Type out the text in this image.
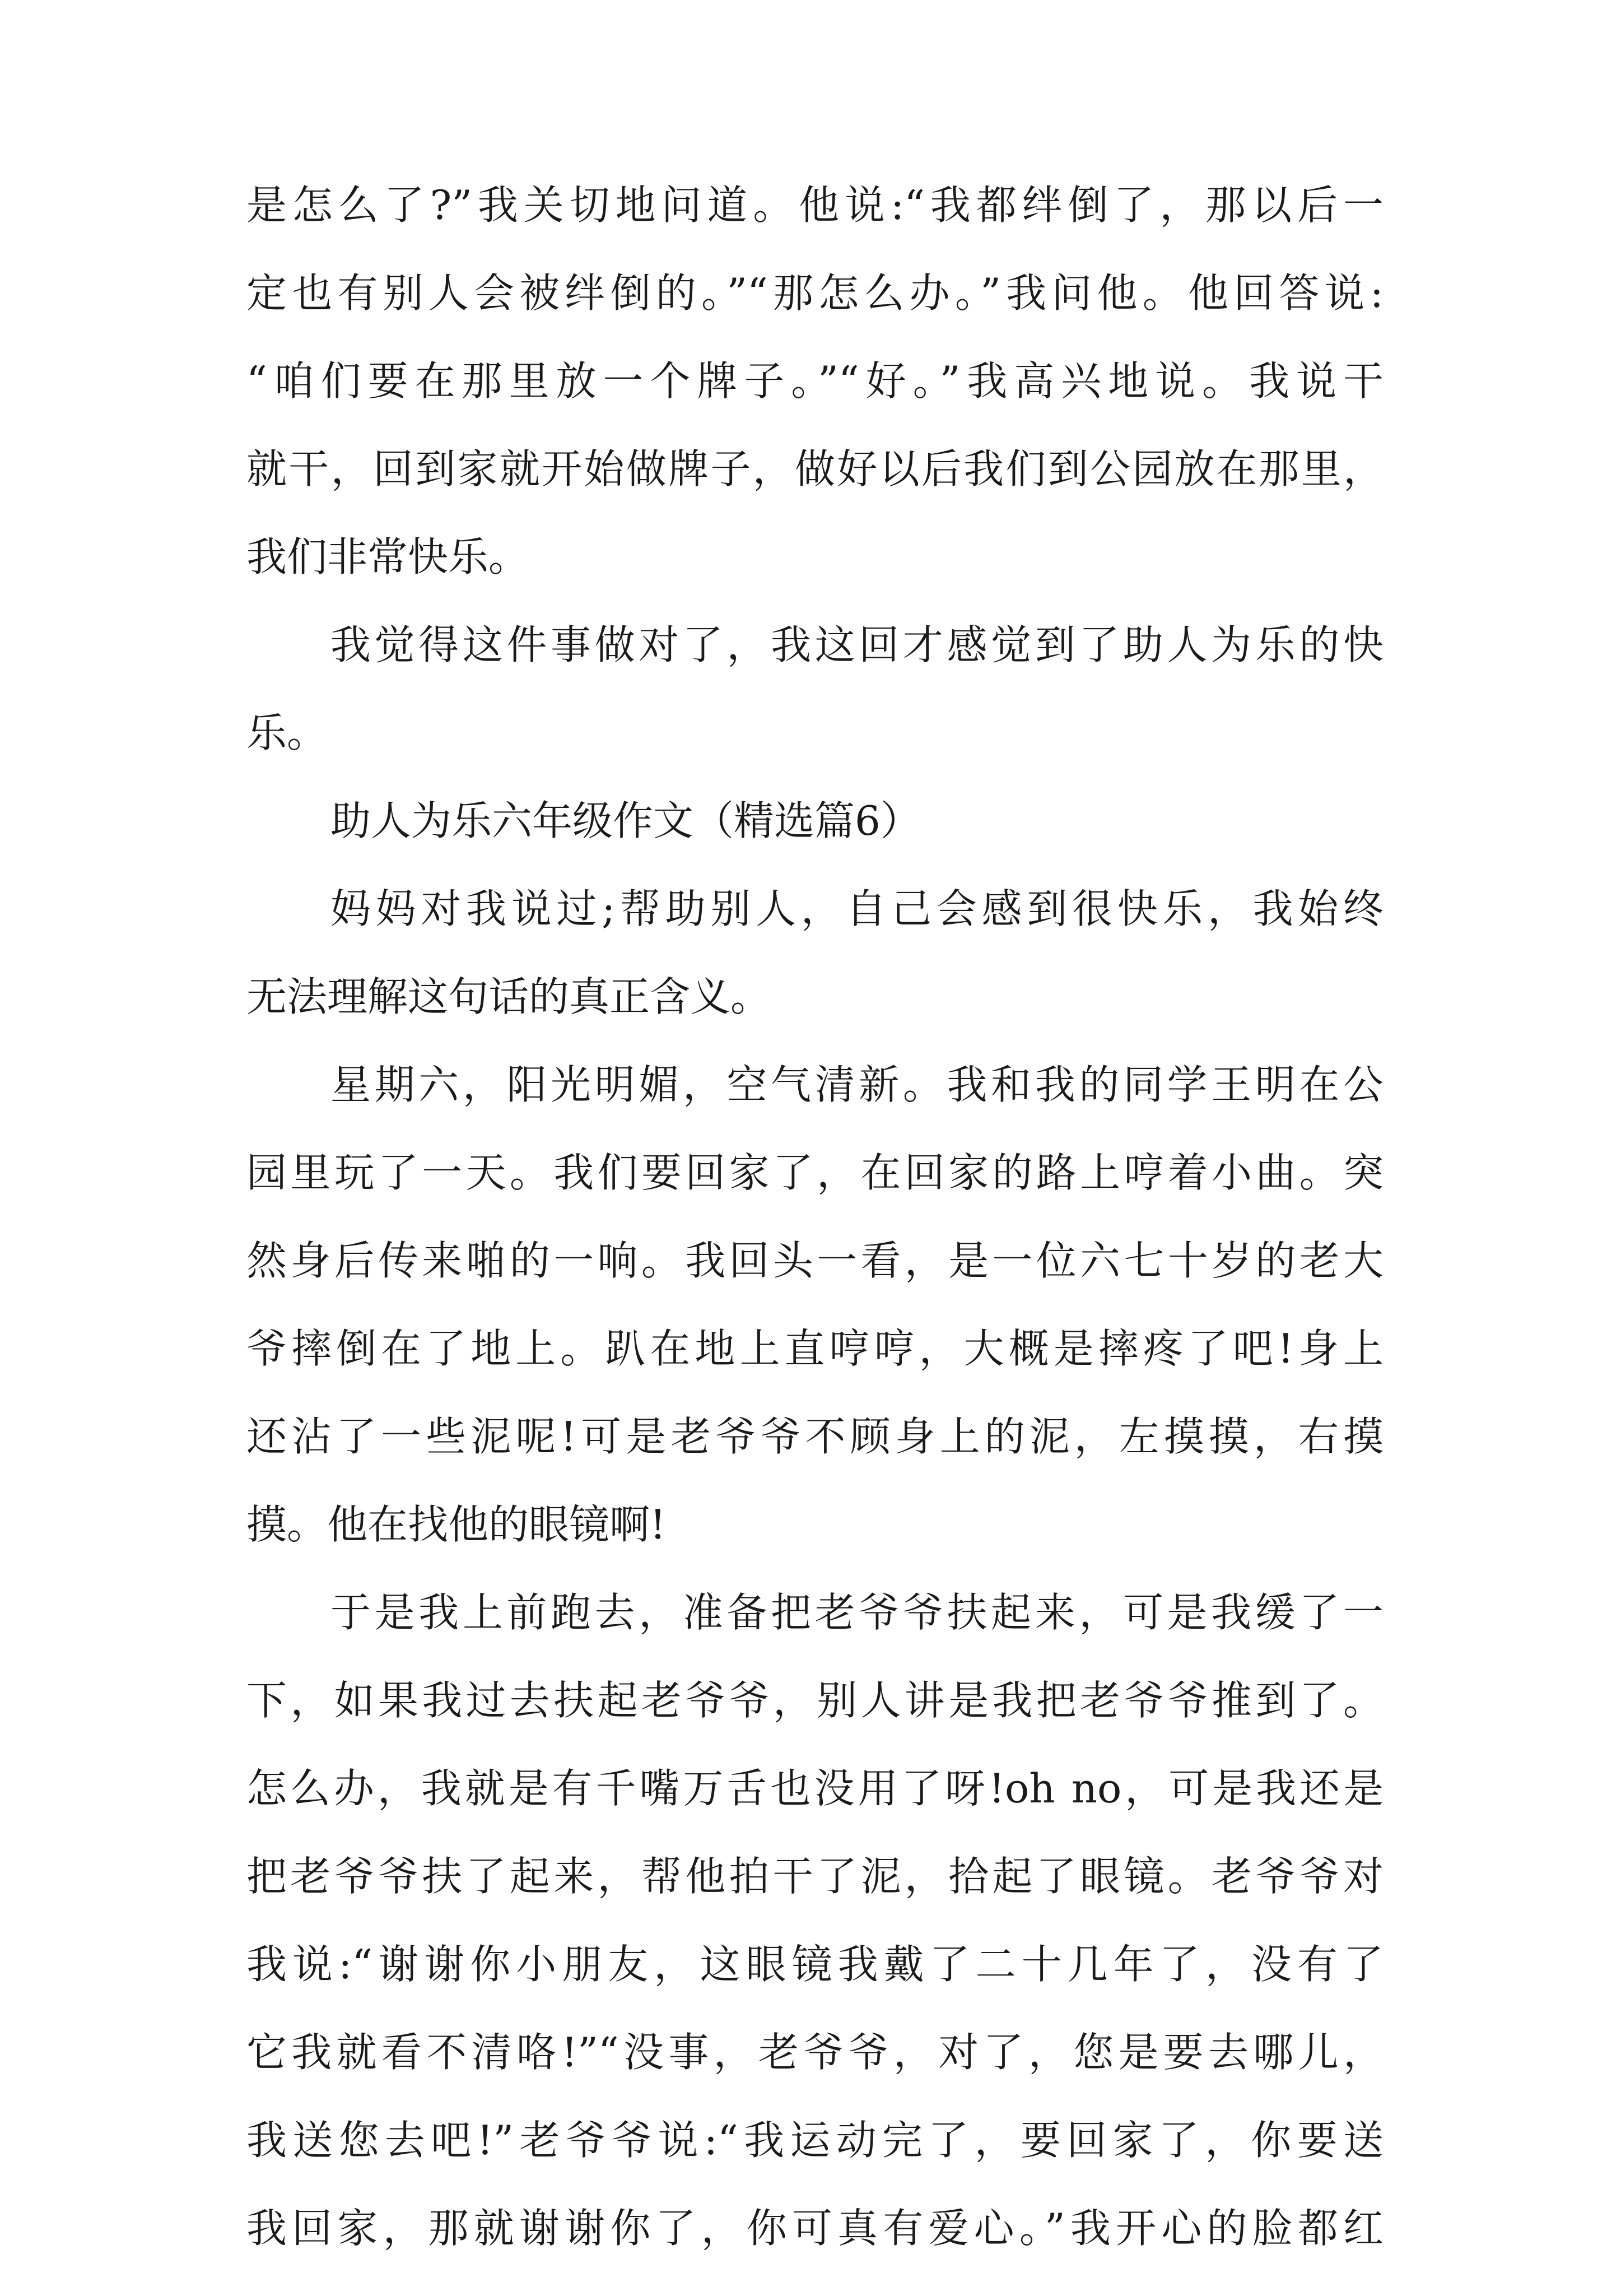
是怎么了?”我关切地问道。他说:“我都绊倒了，那以后一
定也有别人会被绊倒的。”“那怎么办。”我问他。他回答说:
“咱们要在那里放一个牌子。”“好。”我高兴地说。我说干
就干，回到家就开始做牌子，做好以后我们到公园放在那里，
我们非常快乐。
我觉得这件事做对了，我这回才感觉到了助人为乐的快
乐。
助人为乐六年级作文（精选篇6）
妈妈对我说过;帮助别人，自己会感到很快乐，我始终
无法理解这句话的真正含义。
星期六，阳光明媚，空气清新。我和我的同学王明在公
园里玩了一天。我们要回家了，在回家的路上哼着小曲。突
然身后传来啪的一响。我回头一看，是一位六七十岁的老大
爷摔倒在了地上。趴在地上直哼哼，大概是摔疼了吧!身上
还沾了一些泥呢!可是老爷爷不顾身上的泥，左摸摸，右摸
摸。他在找他的眼镜啊!
于是我上前跑去，准备把老爷爷扶起来，可是我缓了一
下，如果我过去扶起老爷爷，别人讲是我把老爷爷推到了。
怎么办，我就是有千嘴万舌也没用了呀!oh no，可是我还是
把老爷爷扶了起来，帮他拍干了泥，拾起了眼镜。老爷爷对
我说:“谢谢你小朋友，这眼镜我戴了二十几年了，没有了
它我就看不清咯!”“没事，老爷爷，对了，您是要去哪儿，
我送您去吧!”老爷爷说:“我运动完了，要回家了，你要送
我回家，那就谢谢你了，你可真有爱心。”我开心的脸都红
